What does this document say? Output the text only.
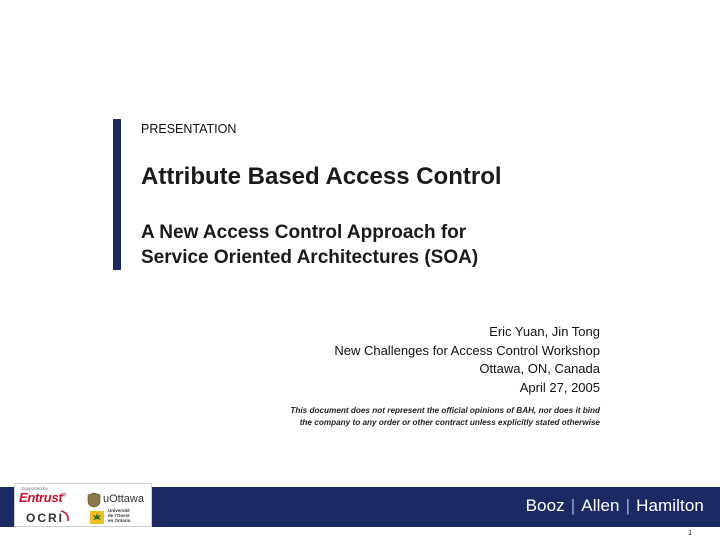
PRESENTATION
Attribute Based Access Control
A New Access Control Approach for
Service Oriented Architectures (SOA)
Eric Yuan, Jin Tong
New Challenges for Access Control Workshop
Ottawa, ON, Canada
April 27, 2005
This document does not represent the official opinions of BAH, nor does it bind
the company to any order or other contract unless explicitly stated otherwise
Booz | Allen | Hamilton
Supported by
Entrust®
OCRI
uOttawa
Université
de l'Ouest
en Ontario
1
